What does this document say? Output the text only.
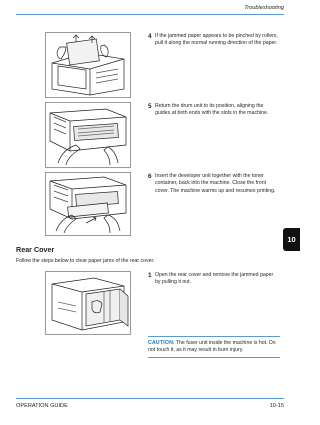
Troubleshooting
10
4 If the jammed paper appears to be pinched by rollers, pull it along the normal running direction of the paper.
5 Return the drum unit to its position, aligning the guides at both ends with the slots in the machine.
6 Insert the developer unit together with the toner container, back into the machine. Close the front cover. The machine warms up and resumes printing.
Rear Cover
Follow the steps below to clear paper jams of the rear cover.
1 Open the rear cover and remove the jammed paper by pulling it out.
CAUTION: The fuser unit inside the machine is hot. Do not touch it, as it may result in burn injury.
OPERATION GUIDE	10-15
